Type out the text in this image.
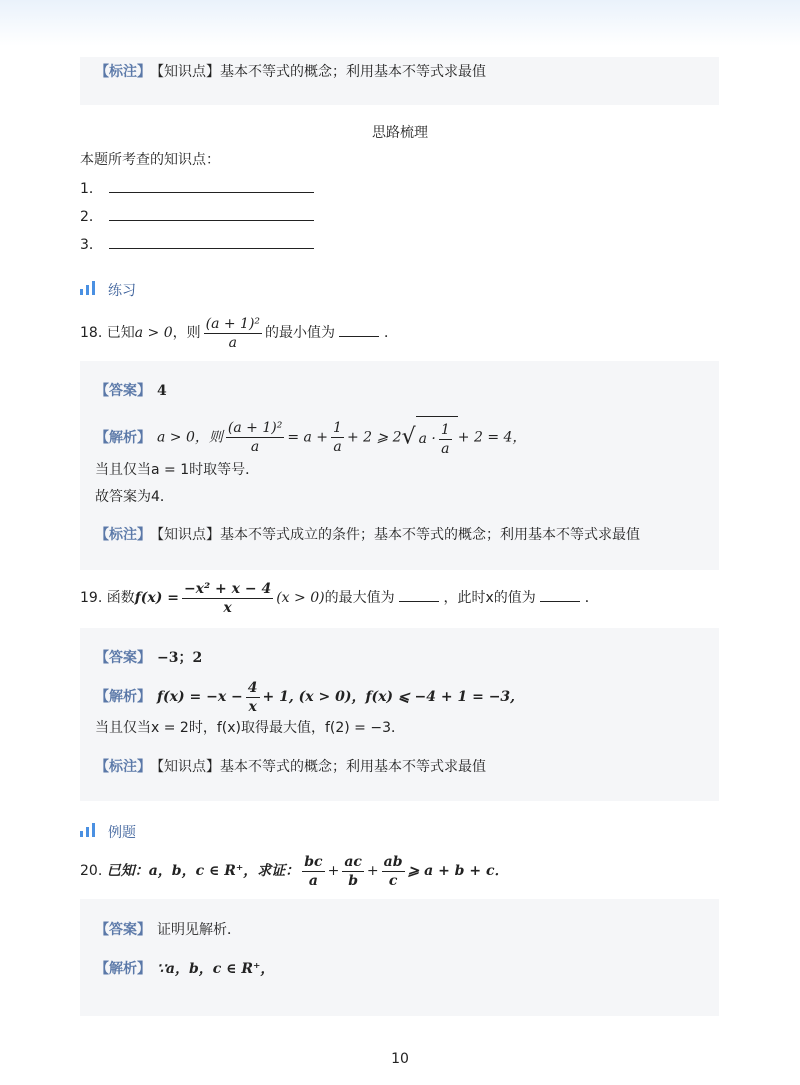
【标注】 【知识点】基本不等式的概念；利用基本不等式求最值
思路梳理
本题所考查的知识点：
1．
2．
3．
练习
18. 已知a > 0，则 $\frac{\text{(a + 1)²}}{a}$ 的最小值为	．
【答案】 4
【解析】 a > 0，则 $\frac{\text{(a + 1)²}}{a} = a + \frac{1}{a} + 2$ ⩾ 2√ $a \cdot \frac{1}{a} + 2 = 4$，
当且仅当a = 1时取等号．
故答案为4．
【标注】 【知识点】基本不等式成立的条件；基本不等式的概念；利用基本不等式求最值
19. 函数$f(x) = \frac{\text{−x² + x − 4}}{x} (x > 0)$的最大值为	，此时x的值为	．
【答案】 −3；2
【解析】 $f(x) = -x - \frac{4}{x} + 1$, (x > 0)，f(x) ⩽ −4 + 1 = −3,
当且仅当x = 2时，f(x)取得最大值，f(2) = −3．
【标注】 【知识点】基本不等式的概念；利用基本不等式求最值
例题
20. 已知：a，b，c ∈ R⁺，求证： $\frac{bc}{a} + \frac{ac}{b} + \frac{ab}{c}$ ⩾ a + b + c．
【答案】 证明见解析．
【解析】 ∵a，b，c ∈ R⁺，
10
